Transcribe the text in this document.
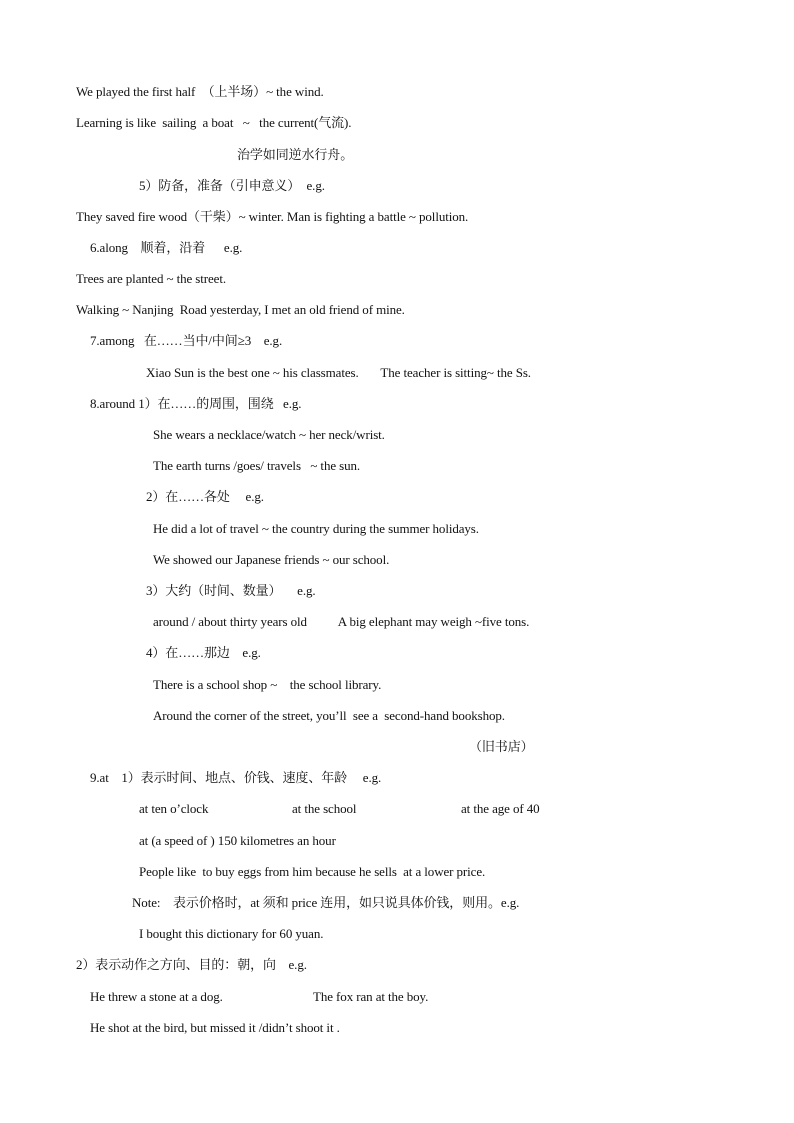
We played the first half  （上半场）~ the wind.
Learning is like  sailing  a boat   ~   the current(气流).
治学如同逆水行舟。
5）防备，准备（引申意义）  e.g.
They saved fire wood（干柴）~ winter. Man is fighting a battle ~ pollution.
6.along    顺着，沿着      e.g.
Trees are planted ~ the street.
Walking ~ Nanjing  Road yesterday, I met an old friend of mine.
7.among   在……当中/中间≥3    e.g.
Xiao Sun is the best one ~ his classmates.       The teacher is sitting~ the Ss.
8.around 1）在……的周围，围绕   e.g.
She wears a necklace/watch ~ her neck/wrist.
The earth turns /goes/ travels   ~ the sun.
2）在……各处     e.g.
He did a lot of travel ~ the country during the summer holidays.
We showed our Japanese friends ~ our school.
3）大约（时间、数量）     e.g.
around / about thirty years old          A big elephant may weigh ~five tons.
4）在……那边    e.g.
There is a school shop ~    the school library.
Around the corner of the street, you’ll  see a  second-hand bookshop.
（旧书店）
9.at    1）表示时间、地点、价钱、速度、年龄     e.g.
at ten o’clock	at the school	at the age of 40
at (a speed of ) 150 kilometres an hour
People like  to buy eggs from him because he sells  at a lower price.
Note:    表示价格时，at 须和 price 连用，如只说具体价钱，则用。e.g.
I bought this dictionary for 60 yuan.
2）表示动作之方向、目的：朝，向    e.g.
He threw a stone at a dog.	The fox ran at the boy.
He shot at the bird, but missed it /didn’t shoot it .
